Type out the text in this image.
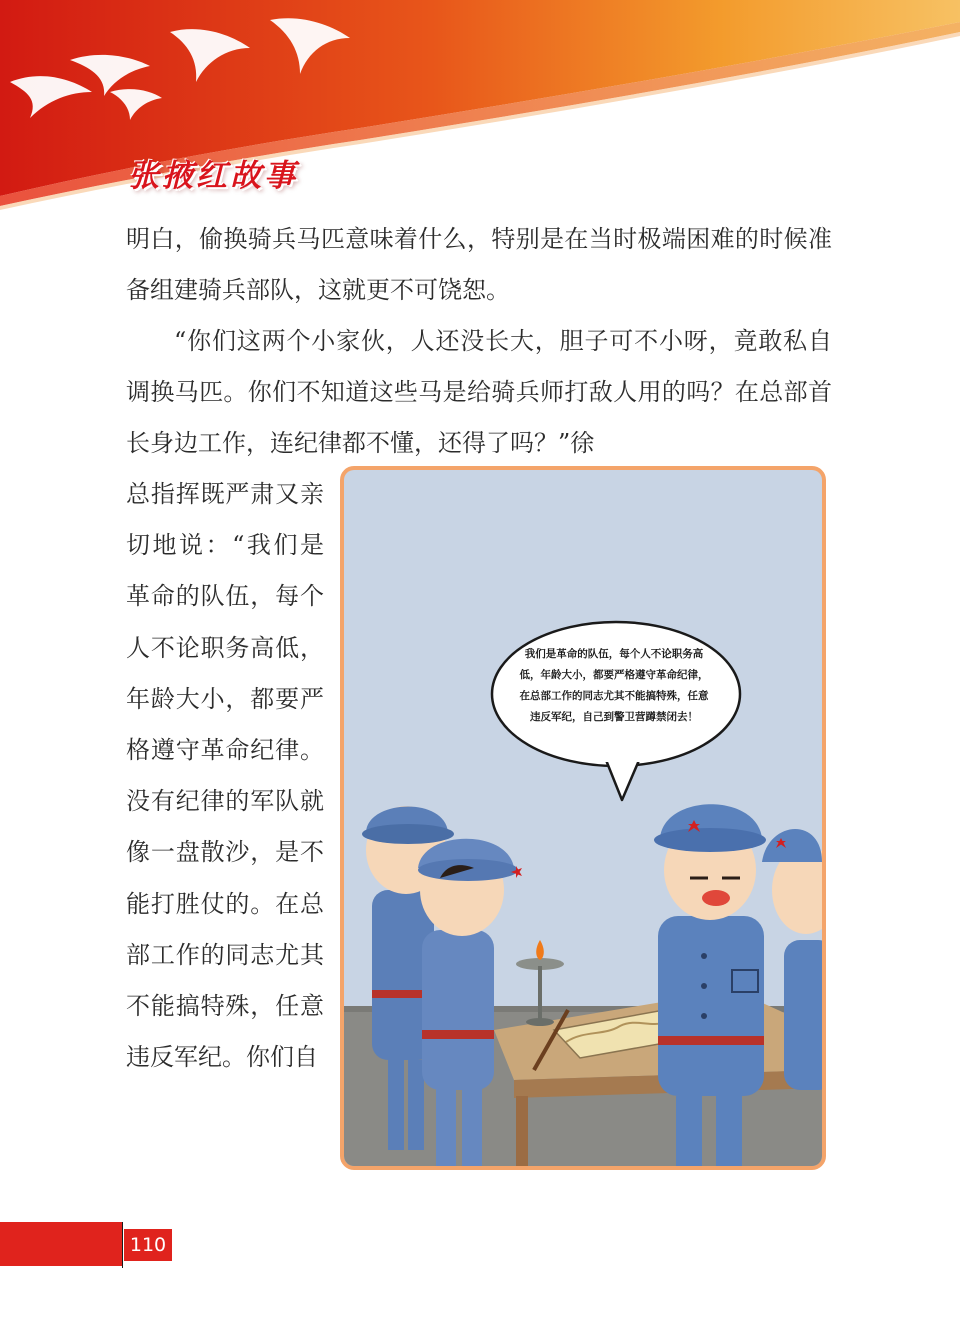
张掖红故事

明白，偷换骑兵马匹意味着什么，特别是在当时极端困难的时候准备组建骑兵部队，这就更不可饶恕。

“你们这两个小家伙，人还没长大，胆子可不小呀，竟敢私自调换马匹。你们不知道这些马是给骑兵师打敌人用的吗？在总部首长身边工作，连纪律都不懂，还得了吗？”徐

总指挥既严肃又亲切地说：“我们是革命的队伍，每个人不论职务高低，年龄大小，都要严格遵守革命纪律。没有纪律的军队就像一盘散沙，是不能打胜仗的。在总部工作的同志尤其不能搞特殊，任意违反军纪。你们自

我们是革命的队伍，每个人不论职务高低，年龄大小，都要严格遵守革命纪律，在总部工作的同志尤其不能搞特殊，任意违反军纪，自己到警卫营蹲禁闭去！
110
